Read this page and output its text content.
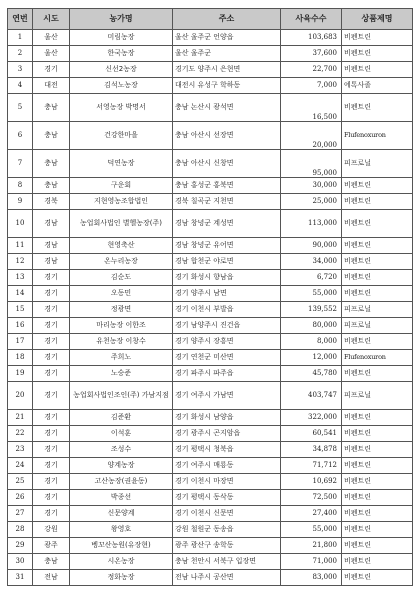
연번	시도	농가명	주소	사육수수	상품제명
1	울산	미림농장	울산 울주군 언양읍	103,683	비펜트린
2	울산	한국농장	울산 울주군	37,600	비펜트린
3	경기	신선2농장	경기도 양주시 은현면	22,700	비펜트린
4	대전	김석노농장	대전시 유성구 학하동	7,000	에톡사졸
5	충남	서영농장 박명서	충남 논산시 광석면	16,500	비펜트린
6	충남	건강한마을	충남 아산시 선장면	20,000	Flufenoxuron
7	충남	덕연농장	충남 아산시 신창면	95,000	피프로닐
8	충남	구운회	충남 홍성군 홍북면	30,000	비펜트린
9	경북	지현영농조합법인	경북 칠곡군 지천면	25,000	비펜트린
10	경남	농업회사법인 별헬농장(주)	경남 창녕군 계성면	113,000	비펜트린
11	경남	현영축산	경남 창녕군 유어면	90,000	비펜트린
12	경남	온누리농장	경남 합천군 야로면	34,000	비펜트린
13	경기	김순도	경기 화성시 향남읍	6,720	비펜트린
14	경기	오동민	경기 양주시 남면	55,000	비펜트린
15	경기	정광면	경기 이천시 부발읍	139,552	피프로닐
16	경기	마리농장 이한조	경기 남양주시 진건읍	80,000	피프로닐
17	경기	유천농장 이창수	경기 양주시 장흥면	8,000	비펜트린
18	경기	주희노	경기 연천군 미산면	12,000	Flufenoxuron
19	경기	노승준	경기 파주시 파주읍	45,780	비펜트린
20	경기	농업회사법인조인(주) 가남지점	경기 여주시 가남면	403,747	피프로닐
21	경기	김준환	경기 화성시 남양읍	322,000	비펜트린
22	경기	이석훈	경기 광주시 곤지암읍	60,541	비펜트린
23	경기	조성수	경기 평택시 청북읍	34,878	비펜트린
24	경기	양계농장	경기 여주시 매룡동	71,712	비펜트린
25	경기	고산농장(권윤동)	경기 이천시 마장면	10,692	비펜트린
26	경기	박종선	경기 평택시 동삭동	72,500	비펜트린
27	경기	신문양계	경기 이천시 신문면	27,400	비펜트린
28	강원	왕영호	강원 철원군 동송읍	55,000	비펜트린
29	광주	벵꼬산농원(유장현)	광주 광산구 송학동	21,800	비펜트린
30	충남	시온농장	충남 천안시 서북구 입장면	71,000	비펜트린
31	전남	정화농장	전남 나주시 공산면	83,000	비펜트린
